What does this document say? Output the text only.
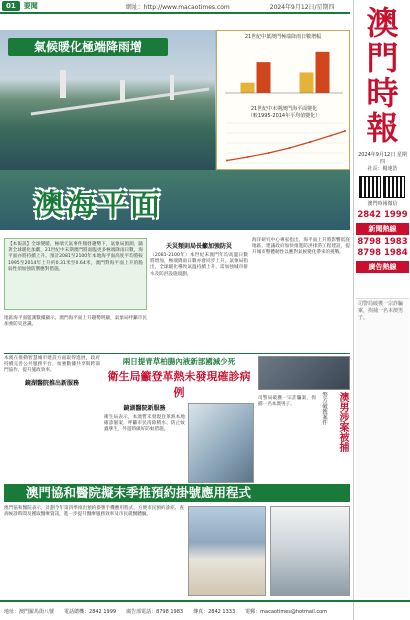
01	要聞	網址：http://www.macaotimes.com	2024年9月12日/星期四 澳
門
時
報
2024年9月12日 星期四
社長：楊速浩
澳門時報微信
2842 1999
新聞熱線
8798 1983
8798 1984
廣告熱線
司警局破獲一宗詐騙案，拘捕一名本澳男子。
氣候暖化極端降雨增
21世紀中葉澳門極端降雨日數增幅
21世紀中末期澳門海平面變化
（較1995-2014年平均值變化）
澳海平面
【本報訊】全球變暖、極端天氣事件頻發趨勢下，氣象局預測，隨著全球暖化加劇，21世紀中末期澳門將面臨更多極端降雨日數，海平面亦將持續上升。預計2081至2100年本地海平面高度平均將較1995至2014年上升約0.31米至0.64米，澳門對海平面上升的脆弱性須加強防禦應對措施。
地區海平面監測數據顯示，澳門海平面上升趨勢明顯，氣象局呼籲市民加強防災意識。
天災頻則局長籲加強防災
（2081-2100年）本世紀末澳門年均高溫日數將增加，極端降雨日數亦會同步上升。氣象局指出，全球暖化導致氣溫持續上升，需加強城市排水及防洪設施規劃。
海洋研究中心專家指出，海平面上升將影響低窪地區，建議政府加快推進防洪排澇工程建設，提升城市整體韌性以應對氣候變化帶來的挑戰。
本澳在推動智慧城市建設方面取得進展，政府持續完善公共服務平台，加強數據共享與跨部門協作，提升施政效率。
鏡湖醫院推出新服務
兩日提青草柏腸內液新部國減少死
衛生局籲登革熱未發現確診病例
鏡湖醫院新服務
衛生局表示，本澳暫未發現登革熱本地確診個案，呼籲市民清除積水、防止蚊蟲孳生，外遊時做好防蚊措施。
警方破獲案件	澳男涉案被捕
司警局破獲一宗詐騙案，拘捕一名本澳男子。
澳門協和醫院擬末季推預約掛號應用程式
澳門協和醫院表示，計劃今年第四季推出預約掛號手機應用程式，方便市民預約診症、查詢候診時間及獲取醫療資訊，進一步提升醫療服務效率及市民就醫體驗。
地址：澳門羅馬街八號 電話總機：2842 1999 廣告部電話：8798 1983 傳真：2842 1333 電郵：macaotimes@hotmail.com
